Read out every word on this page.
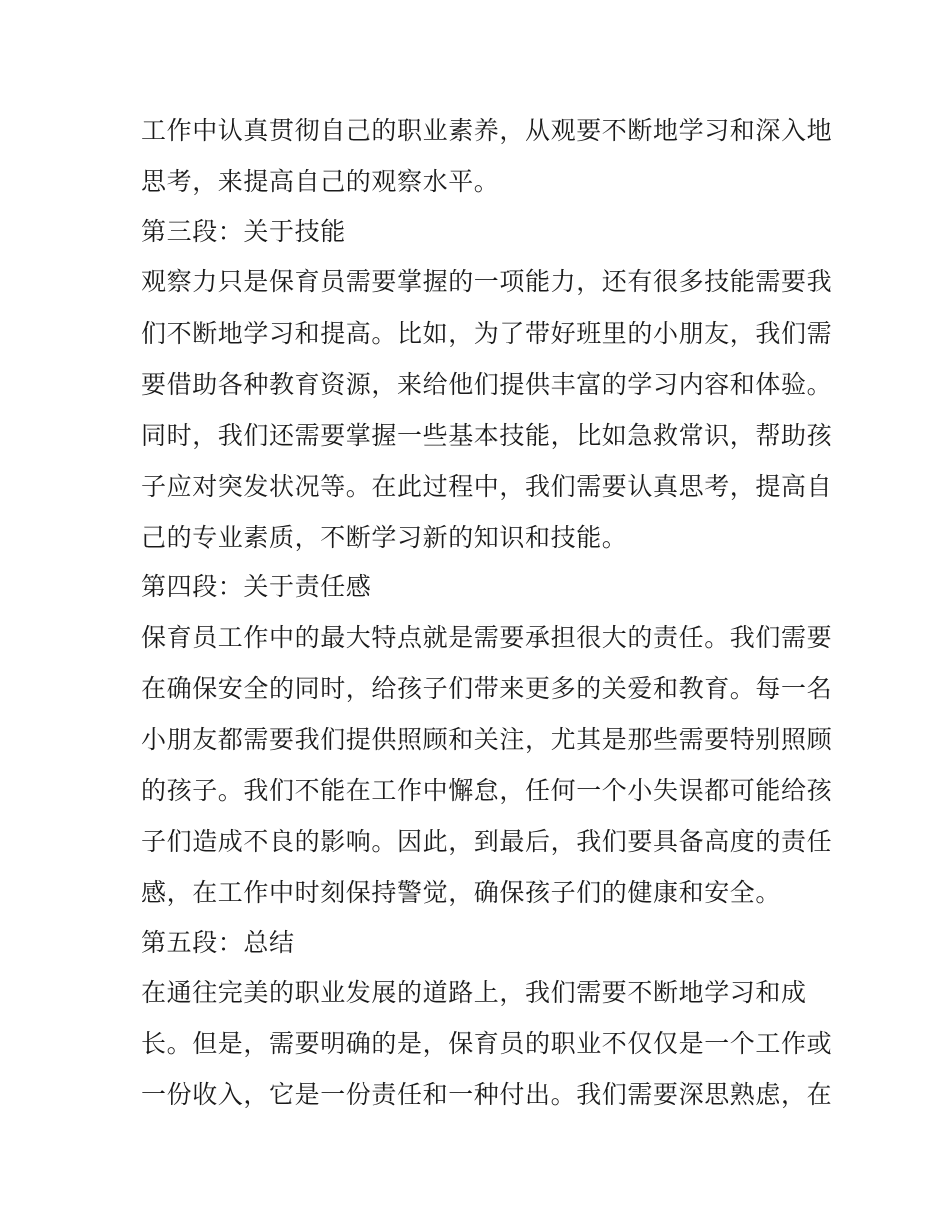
工作中认真贯彻自己的职业素养，从观要不断地学习和深入地
思考，来提高自己的观察水平。
第三段：关于技能
观察力只是保育员需要掌握的一项能力，还有很多技能需要我
们不断地学习和提高。比如，为了带好班里的小朋友，我们需
要借助各种教育资源，来给他们提供丰富的学习内容和体验。
同时，我们还需要掌握一些基本技能，比如急救常识，帮助孩
子应对突发状况等。在此过程中，我们需要认真思考，提高自
己的专业素质，不断学习新的知识和技能。
第四段：关于责任感
保育员工作中的最大特点就是需要承担很大的责任。我们需要
在确保安全的同时，给孩子们带来更多的关爱和教育。每一名
小朋友都需要我们提供照顾和关注，尤其是那些需要特别照顾
的孩子。我们不能在工作中懈怠，任何一个小失误都可能给孩
子们造成不良的影响。因此，到最后，我们要具备高度的责任
感，在工作中时刻保持警觉，确保孩子们的健康和安全。
第五段：总结
在通往完美的职业发展的道路上，我们需要不断地学习和成
长。但是，需要明确的是，保育员的职业不仅仅是一个工作或
一份收入，它是一份责任和一种付出。我们需要深思熟虑，在
